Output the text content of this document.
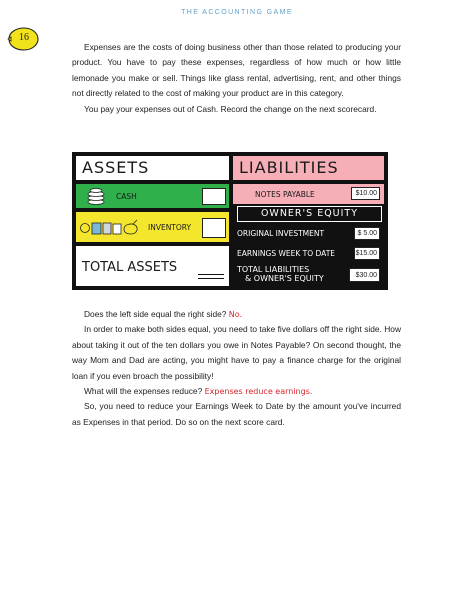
16
THE ACCOUNTING GAME

Expenses are the costs of doing business other than those related to producing your product. You have to pay these expenses, regardless of how much or how little lemonade you make or sell. Things like glass rental, advertising, rent, and other things not directly related to the cost of making your product are in this category.

You pay your expenses out of Cash. Record the change on the next scorecard.

ASSETS
CASH
INVENTORY
TOTAL ASSETS
LIABILITIES
NOTES PAYABLE	$10.00
OWNER'S EQUITY
ORIGINAL INVESTMENT	$ 5.00
EARNINGS WEEK TO DATE	$15.00
TOTAL LIABILITIES
& OWNER'S EQUITY	$30.00

Does the left side equal the right side? No.

In order to make both sides equal, you need to take five dollars off the right side. How about taking it out of the ten dollars you owe in Notes Payable? On second thought, the way Mom and Dad are acting, you might have to pay a finance charge for the original loan if you even broach the possibility!

What will the expenses reduce? Expenses reduce earnings.

So, you need to reduce your Earnings Week to Date by the amount you've incurred as Expenses in that period. Do so on the next score card.
